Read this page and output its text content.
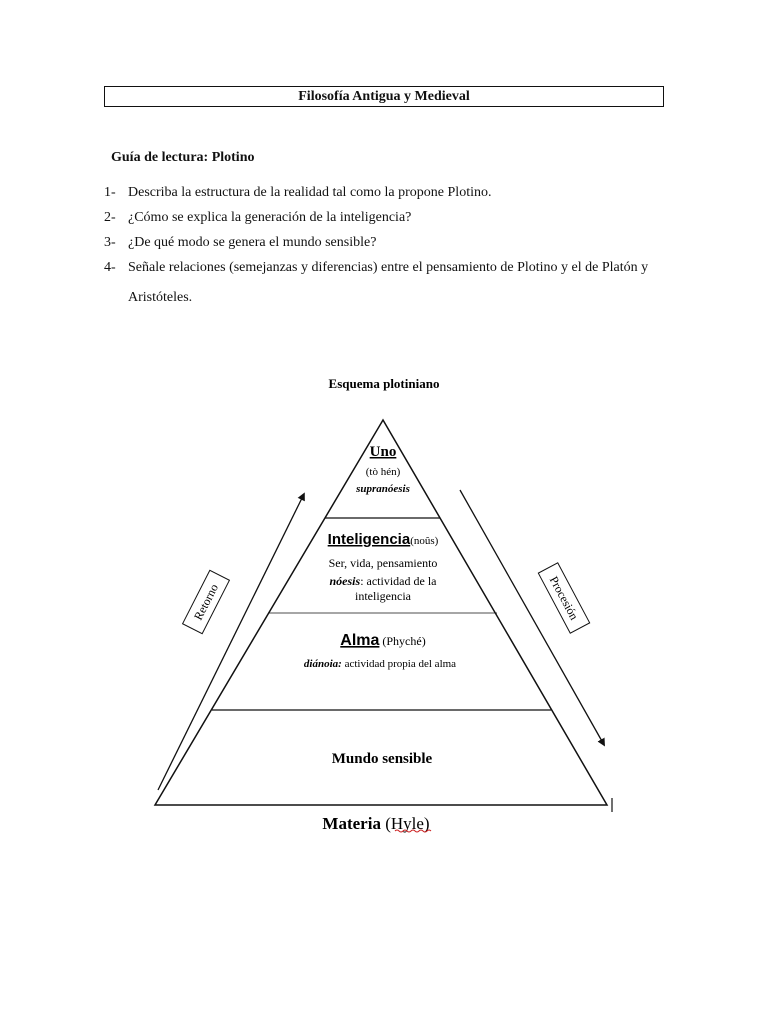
Filosofía Antigua y Medieval
Guía de lectura: Plotino
1- Describa la estructura de la realidad tal como la propone Plotino.
2- ¿Cómo se explica la generación de la inteligencia?
3- ¿De qué modo se genera el mundo sensible?
4- Señale relaciones (semejanzas y diferencias) entre el pensamiento de Plotino y el de Platón y Aristóteles.
Esquema plotiniano
Uno
(tò hén)
supranóesis
Inteligencia(noûs)
Ser, vida, pensamiento
nóesis: actividad de la
inteligencia
Alma (Phyché)
diánoia: actividad propia del alma
Mundo sensible
Materia (Hyle)
Retorno	Procesión
